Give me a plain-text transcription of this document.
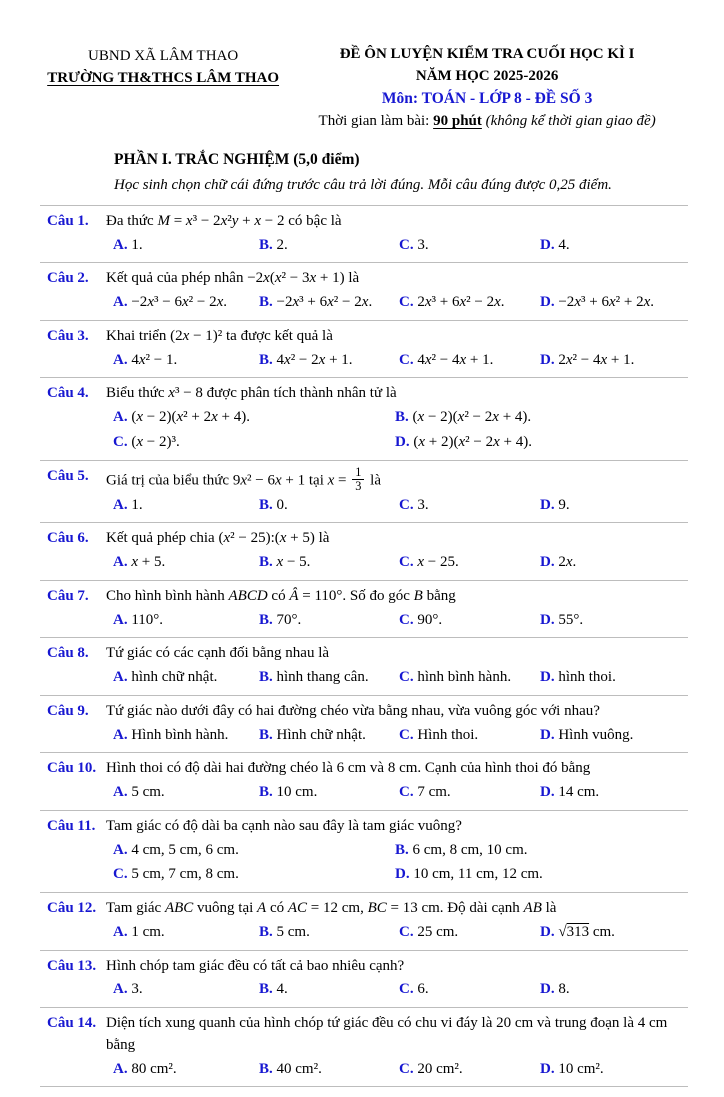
UBND XÃ LÂM THAO
TRƯỜNG TH&THCS LÂM THAO
ĐỀ ÔN LUYỆN KIỂM TRA CUỐI HỌC KÌ I
NĂM HỌC 2025-2026
Môn: TOÁN - LỚP 8 - ĐỀ SỐ 3
Thời gian làm bài: 90 phút (không kể thời gian giao đề)
PHẦN I. TRẮC NGHIỆM (5,0 điểm)
Học sinh chọn chữ cái đứng trước câu trả lời đúng. Mỗi câu đúng được 0,25 điểm.
Câu 1.	Đa thức M = x³ − 2x²y + x − 2 có bậc là
A. 1.	B. 2.	C. 3.	D. 4.
Câu 2.	Kết quả của phép nhân −2x(x² − 3x + 1) là
A. −2x³ − 6x² − 2x.	B. −2x³ + 6x² − 2x.	C. 2x³ + 6x² − 2x.	D. −2x³ + 6x² + 2x.
Câu 3.	Khai triển (2x − 1)² ta được kết quả là
A. 4x² − 1.	B. 4x² − 2x + 1.	C. 4x² − 4x + 1.	D. 2x² − 4x + 1.
Câu 4.	Biểu thức x³ − 8 được phân tích thành nhân tử là
A. (x − 2)(x² + 2x + 4).	B. (x − 2)(x² − 2x + 4).
C. (x − 2)³.	D. (x + 2)(x² − 2x + 4).
Câu 5.	Giá trị của biểu thức 9x² − 6x + 1 tại $x = \frac{1}{3}$ là
A. 1.	B. 0.	C. 3.	D. 9.
Câu 6.	Kết quả phép chia (x² − 25):(x + 5) là
A. x + 5.	B. x − 5.	C. x − 25.	D. 2x.
Câu 7.	Cho hình bình hành ABCD có Â = 110°. Số đo góc B bằng
A. 110°.	B. 70°.	C. 90°.	D. 55°.
Câu 8.	Tứ giác có các cạnh đối bằng nhau là
A. hình chữ nhật.	B. hình thang cân.	C. hình bình hành.	D. hình thoi.
Câu 9.	Tứ giác nào dưới đây có hai đường chéo vừa bằng nhau, vừa vuông góc với nhau?
A. Hình bình hành.	B. Hình chữ nhật.	C. Hình thoi.	D. Hình vuông.
Câu 10. Hình thoi có độ dài hai đường chéo là 6 cm và 8 cm. Cạnh của hình thoi đó bằng
A. 5 cm.	B. 10 cm.	C. 7 cm.	D. 14 cm.
Câu 11. Tam giác có độ dài ba cạnh nào sau đây là tam giác vuông?
A. 4 cm, 5 cm, 6 cm.	B. 6 cm, 8 cm, 10 cm.
C. 5 cm, 7 cm, 8 cm.	D. 10 cm, 11 cm, 12 cm.
Câu 12. Tam giác ABC vuông tại A có AC = 12 cm, BC = 13 cm. Độ dài cạnh AB là
A. 1 cm.	B. 5 cm.	C. 25 cm.	D. √313 cm.
Câu 13. Hình chóp tam giác đều có tất cả bao nhiêu cạnh?
A. 3.	B. 4.	C. 6.	D. 8.
Câu 14. Diện tích xung quanh của hình chóp tứ giác đều có chu vi đáy là 20 cm và trung đoạn là 4 cm bằng
A. 80 cm².	B. 40 cm².	C. 20 cm².	D. 10 cm².
